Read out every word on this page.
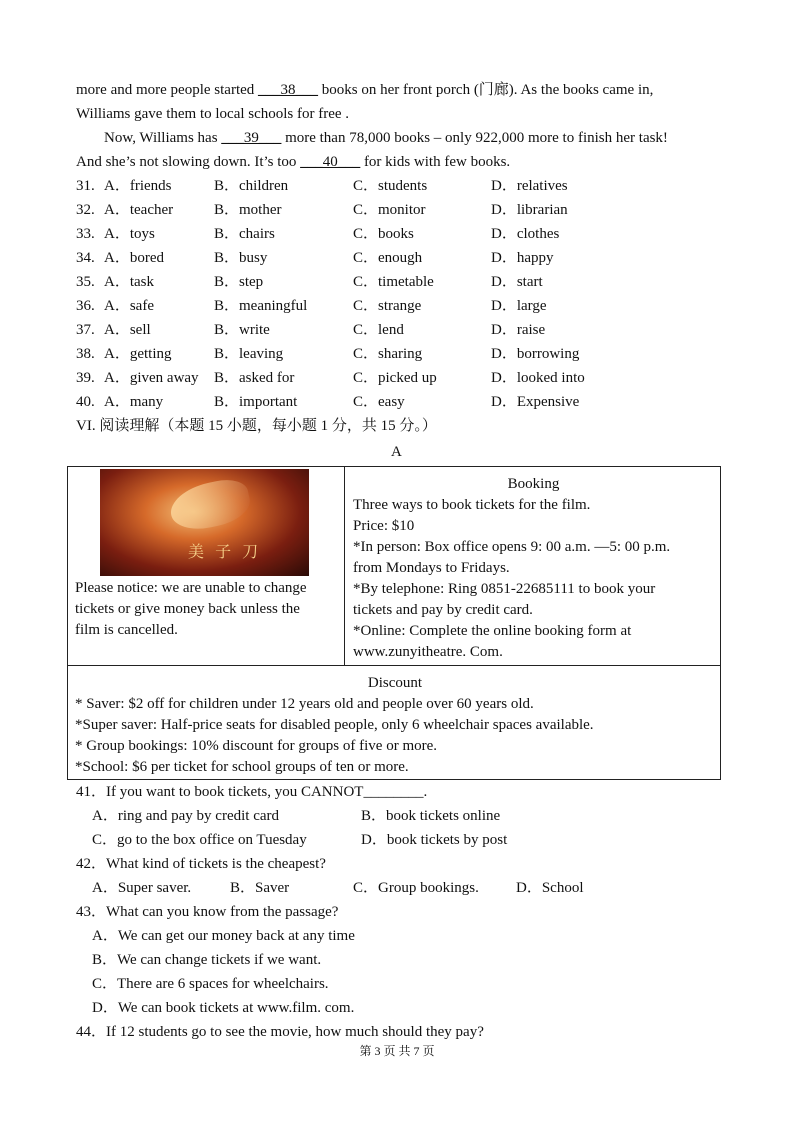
more and more people started ___38___ books on her front porch (门廊). As the books came in,
Williams gave them to local schools for free .
Now, Williams has ___39___ more than 78,000 books – only 922,000 more to finish her task!
And she’s not slowing down. It’s too ___40___ for kids with few books.
31. A．friends	B．children	C．students	D．relatives
32. A．teacher	B．mother	C．monitor	D．librarian
33. A．toys	B．chairs	C．books	D．clothes
34. A．bored	B．busy	C．enough	D．happy
35. A．task	B．step	C．timetable	D．start
36. A．safe	B．meaningful	C．strange	D．large
37. A．sell	B．write	C．lend	D．raise
38. A．getting	B．leaving	C．sharing	D．borrowing
39. A．given away B．asked for	C．picked up	D．looked into
40. A．many	B．important	C．easy	D．Expensive
VI. 阅读理解（本题 15 小题，每小题 1 分，共 15 分。）
A
美 子 刀
Please notice: we are unable to change
tickets or give money back unless the
film is cancelled.
Booking
Three ways to book tickets for the film.
Price: $10
*In person: Box office opens 9: 00 a.m. —5: 00 p.m.
from Mondays to Fridays.
*By telephone: Ring 0851-22685111 to book your
tickets and pay by credit card.
*Online: Complete the online booking form at
www.zunyitheatre. Com.
Discount
* Saver: $2 off for children under 12 years old and people over 60 years old.
*Super saver: Half-price seats for disabled people, only 6 wheelchair spaces available.
* Group bookings: 10% discount for groups of five or more.
*School: $6 per ticket for school groups of ten or more.
41．If you want to book tickets, you CANNOT________.
A．ring and pay by credit card	B．book tickets online
C．go to the box office on Tuesday	D．book tickets by post
42．What kind of tickets is the cheapest?
A．Super saver.	B．Saver	C．Group bookings. D．School
43．What can you know from the passage?
A．We can get our money back at any time
B．We can change tickets if we want.
C．There are 6 spaces for wheelchairs.
D．We can book tickets at www.film. com.
44．If 12 students go to see the movie, how much should they pay?
第 3 页 共 7 页
